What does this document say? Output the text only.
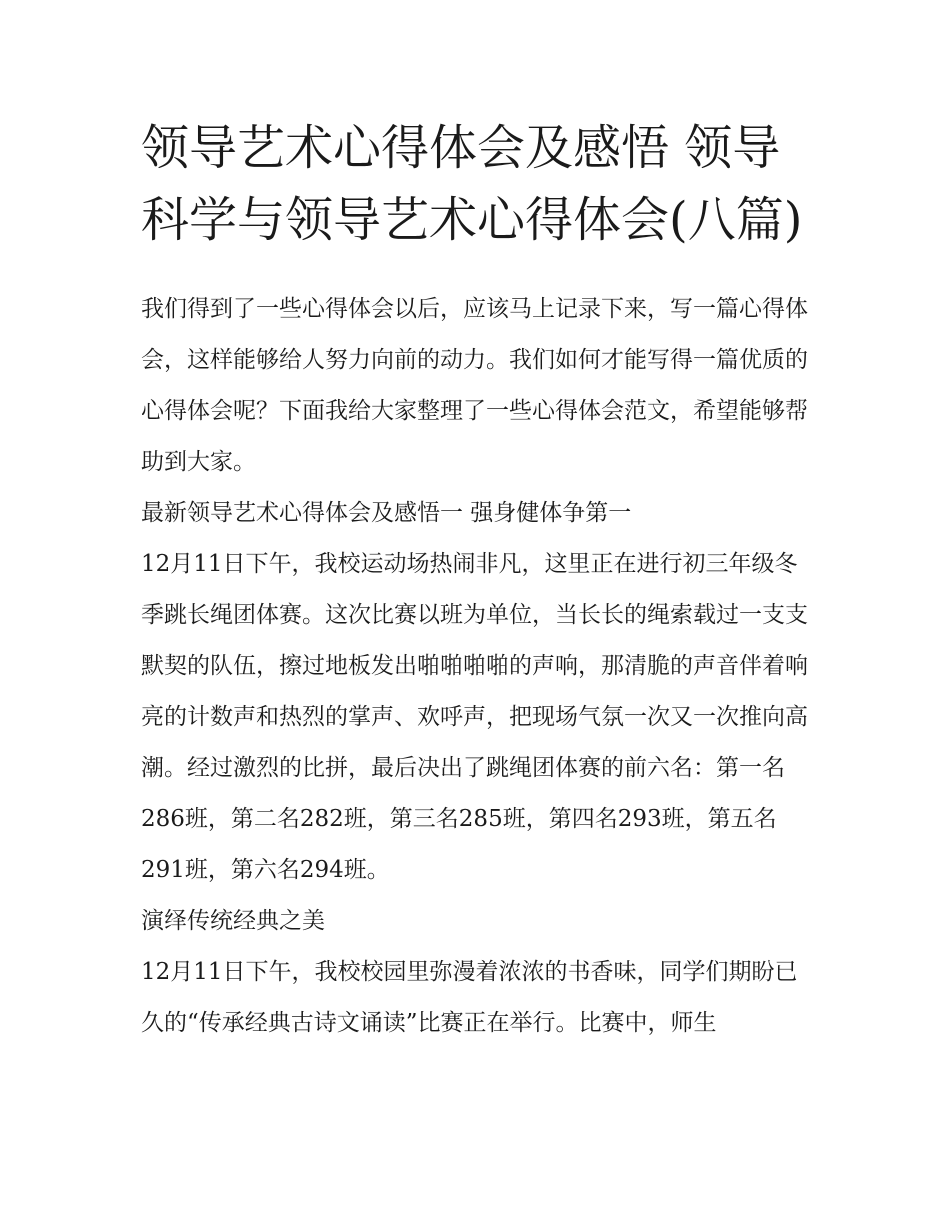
领导艺术心得体会及感悟 领导科学与领导艺术心得体会(八篇)

我们得到了一些心得体会以后，应该马上记录下来，写一篇心得体会，这样能够给人努力向前的动力。我们如何才能写得一篇优质的心得体会呢？下面我给大家整理了一些心得体会范文，希望能够帮助到大家。

最新领导艺术心得体会及感悟一 强身健体争第一

12月11日下午，我校运动场热闹非凡，这里正在进行初三年级冬季跳长绳团体赛。这次比赛以班为单位，当长长的绳索载过一支支默契的队伍，擦过地板发出啪啪啪啪的声响，那清脆的声音伴着响亮的计数声和热烈的掌声、欢呼声，把现场气氛一次又一次推向高潮。经过激烈的比拼，最后决出了跳绳团体赛的前六名：第一名286班，第二名282班，第三名285班，第四名293班，第五名291班，第六名294班。

演绎传统经典之美

12月11日下午，我校校园里弥漫着浓浓的书香味，同学们期盼已久的“传承经典古诗文诵读”比赛正在举行。比赛中，师生
